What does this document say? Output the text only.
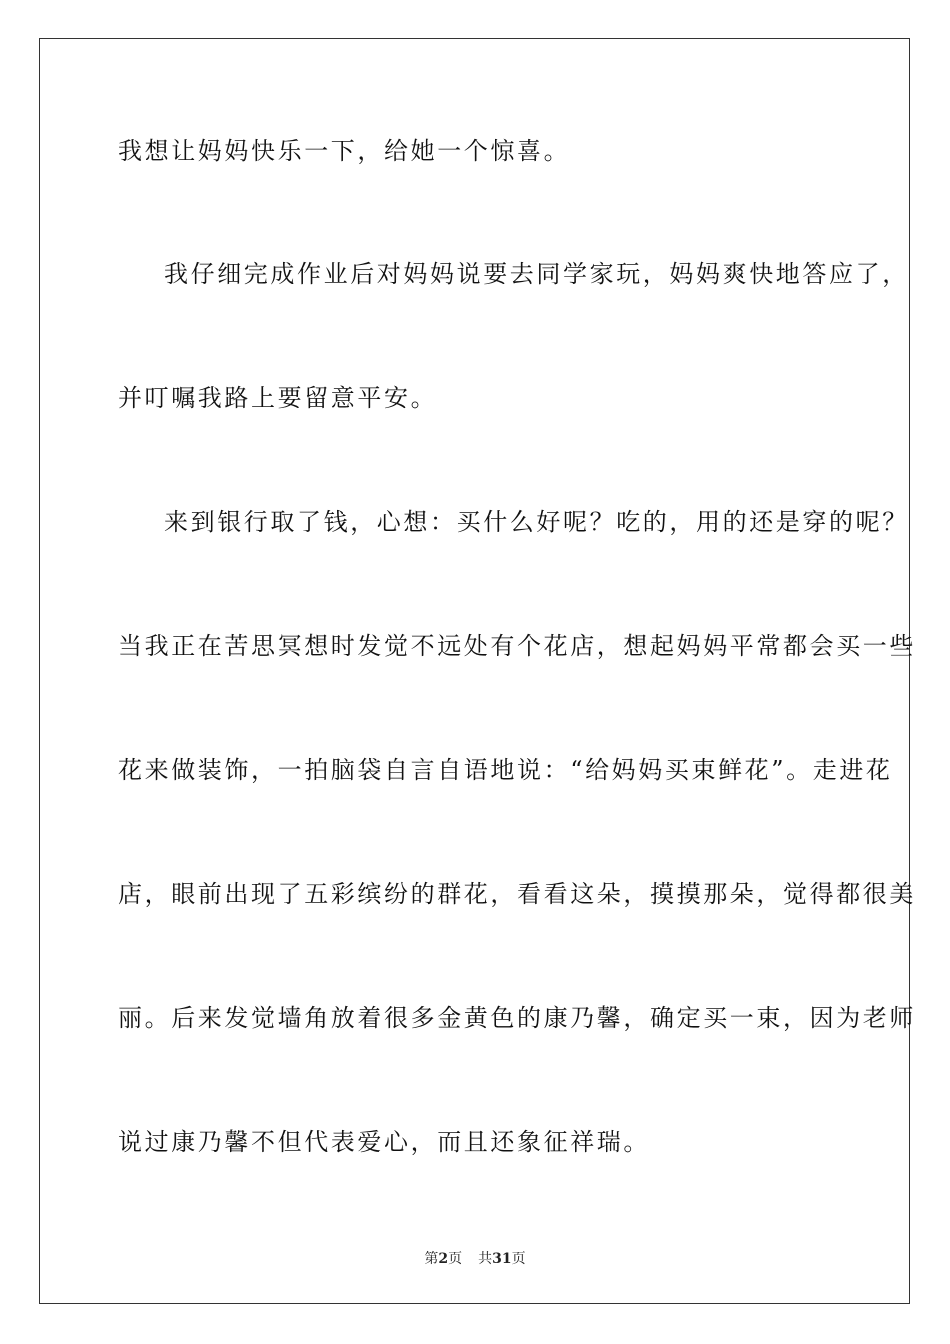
我想让妈妈快乐一下，给她一个惊喜。
我仔细完成作业后对妈妈说要去同学家玩，妈妈爽快地答应了，
并叮嘱我路上要留意平安。
来到银行取了钱，心想：买什么好呢？吃的，用的还是穿的呢？
当我正在苦思冥想时发觉不远处有个花店，想起妈妈平常都会买一些
花来做装饰，一拍脑袋自言自语地说：“给妈妈买束鲜花”。走进花
店，眼前出现了五彩缤纷的群花，看看这朵，摸摸那朵，觉得都很美
丽。后来发觉墙角放着很多金黄色的康乃馨，确定买一束，因为老师
说过康乃馨不但代表爱心，而且还象征祥瑞。
第2页 共31页
